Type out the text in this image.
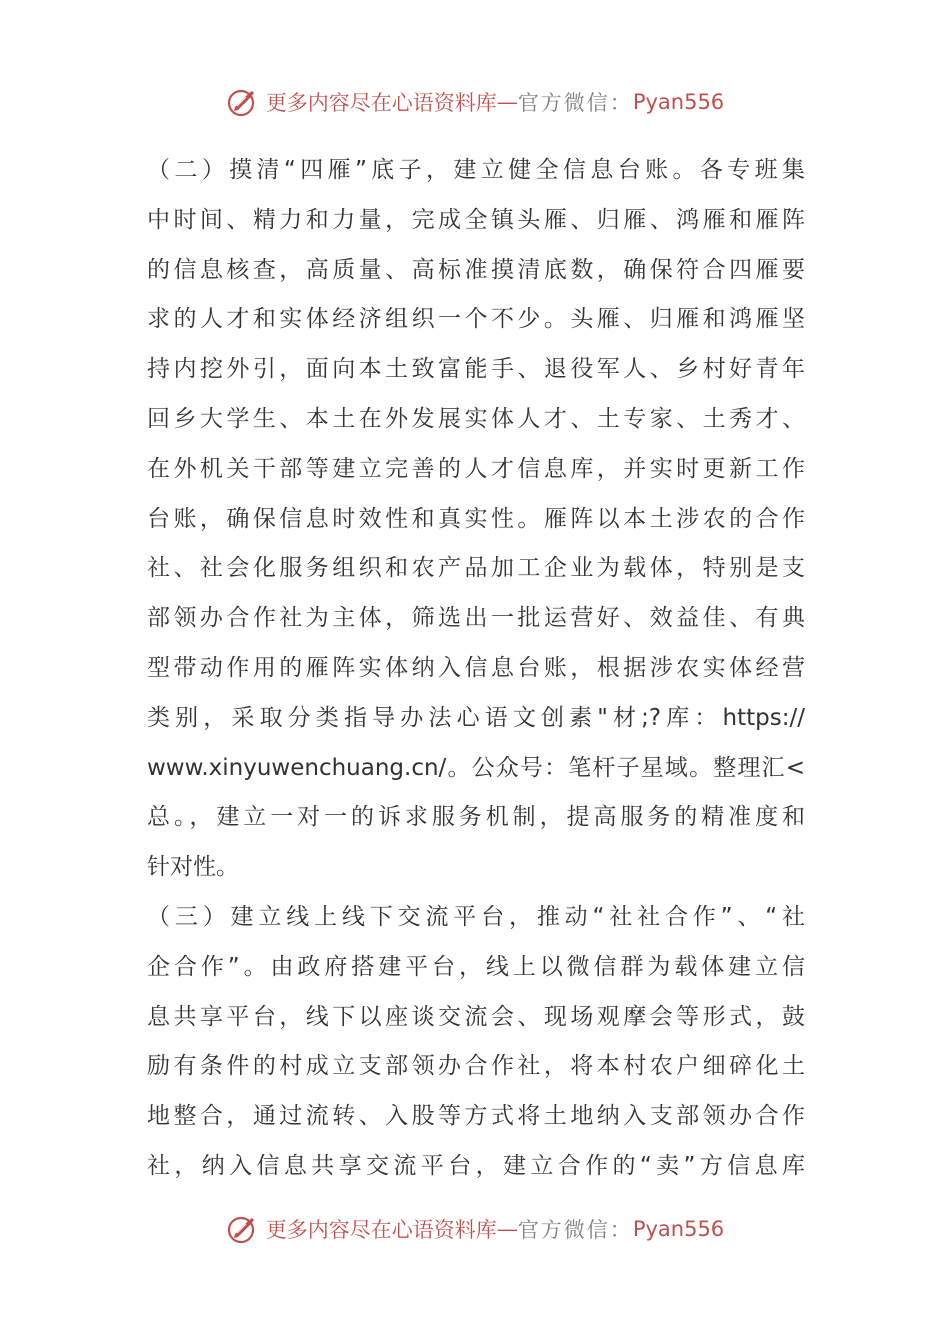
更多内容尽在心语资料库 — 官方微信： Pyan556
（二）摸清“四雁”底子，建立健全信息台账。各专班集
中时间、精力和力量，完成全镇头雁、归雁、鸿雁和雁阵
的信息核查，高质量、高标准摸清底数，确保符合四雁要
求的人才和实体经济组织一个不少。头雁、归雁和鸿雁坚
持内挖外引，面向本土致富能手、退役军人、乡村好青年
回乡大学生、本土在外发展实体人才、土专家、土秀才、
在外机关干部等建立完善的人才信息库，并实时更新工作
台账，确保信息时效性和真实性。雁阵以本土涉农的合作
社、社会化服务组织和农产品加工企业为载体，特别是支
部领办合作社为主体，筛选出一批运营好、效益佳、有典
型带动作用的雁阵实体纳入信息台账，根据涉农实体经营
类别，采取分类指导办法心语文创素"材;?库：https://
www.xinyuwenchuang.cn/。公众号：笔杆子星域。整理汇<
总。，建立一对一的诉求服务机制，提高服务的精准度和
针对性。
（三）建立线上线下交流平台，推动“社社合作”、“社
企合作”。由政府搭建平台，线上以微信群为载体建立信
息共享平台，线下以座谈交流会、现场观摩会等形式，鼓
励有条件的村成立支部领办合作社，将本村农户细碎化土
地整合，通过流转、入股等方式将土地纳入支部领办合作
社，纳入信息共享交流平台，建立合作的“卖”方信息库
更多内容尽在心语资料库 — 官方微信： Pyan556
